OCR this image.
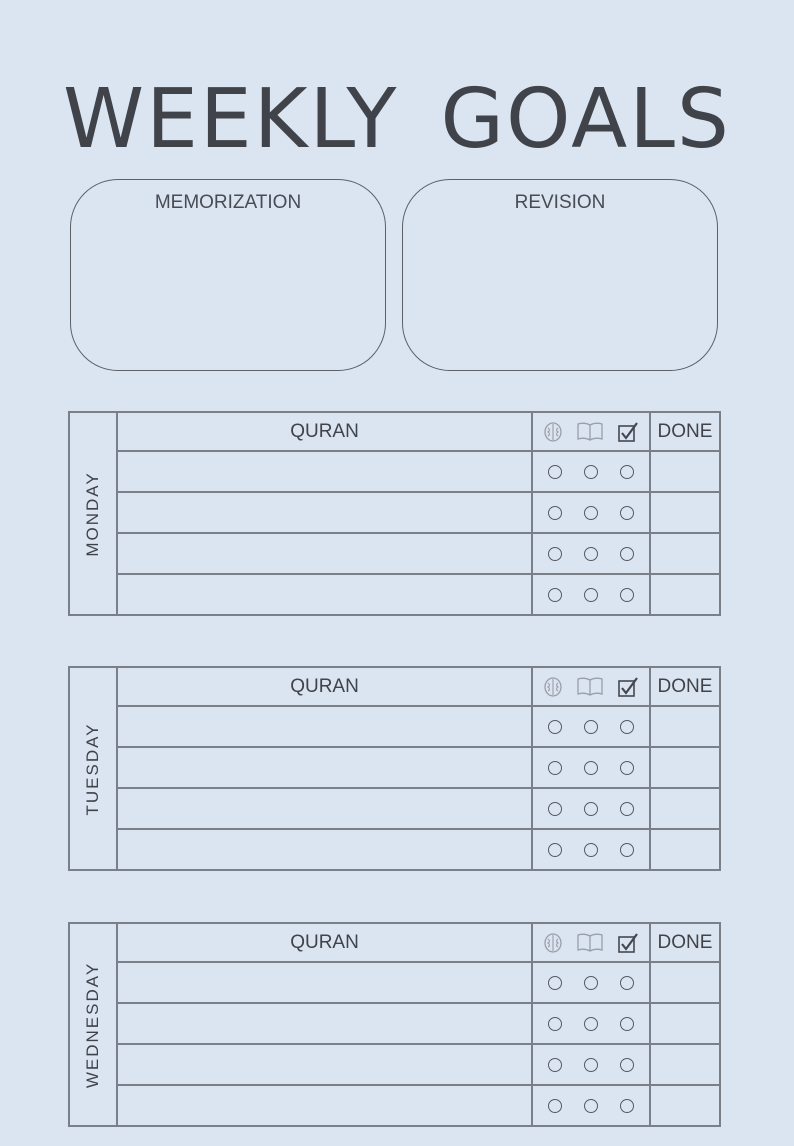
WEEKLY GOALS
MEMORIZATION	REVISION
MONDAY
QURAN	DONE
TUESDAY
QURAN	DONE
WEDNESDAY
QURAN	DONE
